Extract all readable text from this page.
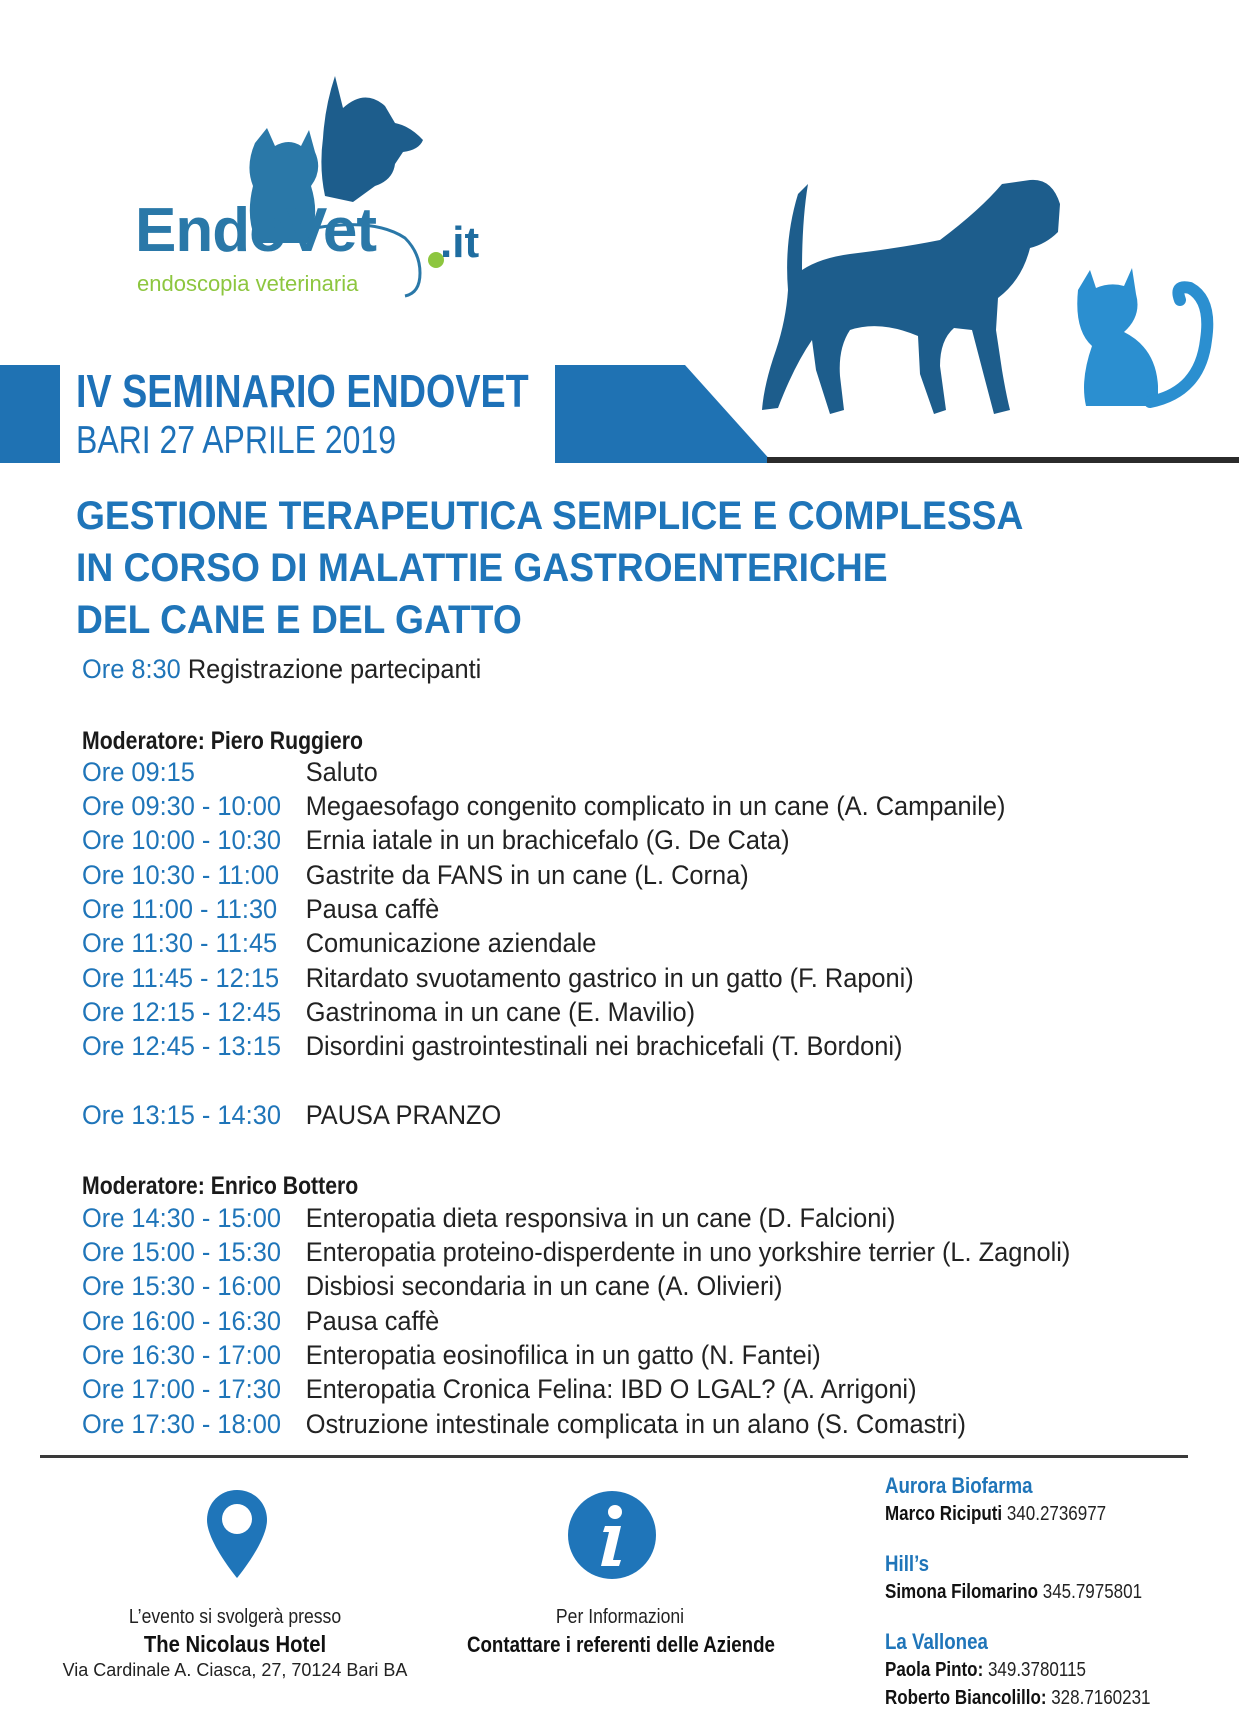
EndoVet .it
endoscopia veterinaria
IV SEMINARIO ENDOVET
BARI 27 APRILE 2019
GESTIONE TERAPEUTICA SEMPLICE E COMPLESSA
IN CORSO DI MALATTIE GASTROENTERICHE
DEL CANE E DEL GATTO
Ore 8:30 Registrazione partecipanti
Moderatore: Piero Ruggiero
Ore 09:15	Saluto
Ore 09:30 - 10:00 Megaesofago congenito complicato in un cane (A. Campanile)
Ore 10:00 - 10:30 Ernia iatale in un brachicefalo (G. De Cata)
Ore 10:30 - 11:00 Gastrite da FANS in un cane (L. Corna)
Ore 11:00 - 11:30 Pausa caffè
Ore 11:30 - 11:45 Comunicazione aziendale
Ore 11:45 - 12:15 Ritardato svuotamento gastrico in un gatto (F. Raponi)
Ore 12:15 - 12:45 Gastrinoma in un cane (E. Mavilio)
Ore 12:45 - 13:15 Disordini gastrointestinali nei brachicefali (T. Bordoni)
Ore 13:15 - 14:30 PAUSA PRANZO
Moderatore: Enrico Bottero
Ore 14:30 - 15:00 Enteropatia dieta responsiva in un cane (D. Falcioni)
Ore 15:00 - 15:30 Enteropatia proteino-disperdente in uno yorkshire terrier (L. Zagnoli)
Ore 15:30 - 16:00 Disbiosi secondaria in un cane (A. Olivieri)
Ore 16:00 - 16:30 Pausa caffè
Ore 16:30 - 17:00 Enteropatia eosinofilica in un gatto (N. Fantei)
Ore 17:00 - 17:30 Enteropatia Cronica Felina: IBD O LGAL? (A. Arrigoni)
Ore 17:30 - 18:00 Ostruzione intestinale complicata in un alano (S. Comastri)
L’evento si svolgerà presso
The Nicolaus Hotel
Via Cardinale A. Ciasca, 27, 70124 Bari BA
Per Informazioni
Contattare i referenti delle Aziende
Aurora Biofarma
Marco Riciputi 340.2736977
Hill’s
Simona Filomarino 345.7975801
La Vallonea
Paola Pinto: 349.3780115
Roberto Biancolillo: 328.7160231
